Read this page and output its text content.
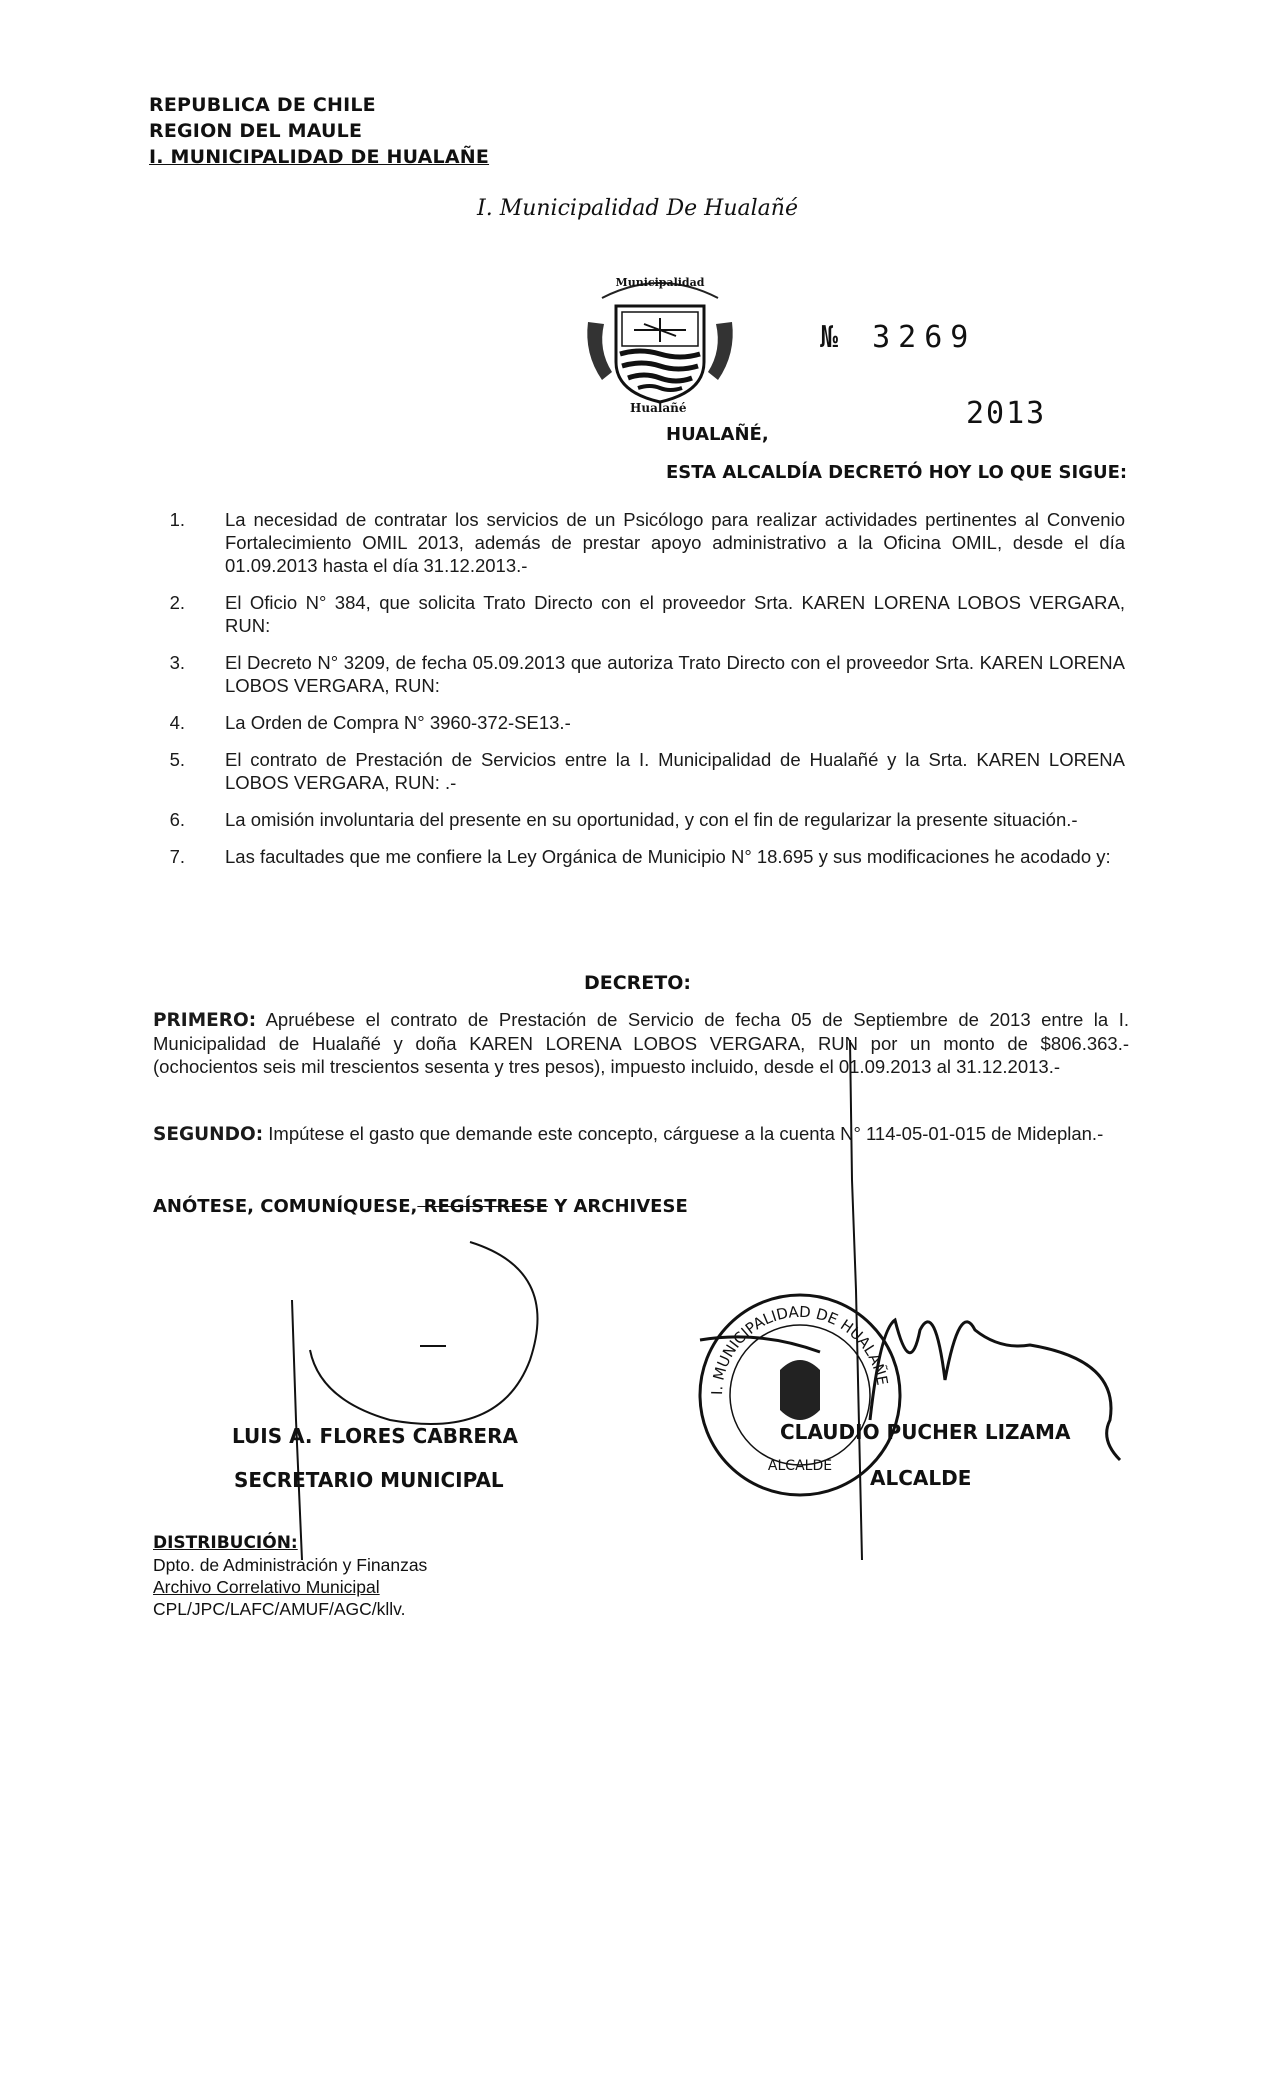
REPUBLICA DE CHILE
REGION DEL MAULE
I. MUNICIPALIDAD DE HUALAÑE
I. Municipalidad De Hualañé
Municipalidad
Hualañé
№ 3269
2013
HUALAÑÉ,
ESTA ALCALDÍA DECRETÓ HOY LO QUE SIGUE:
1 .	La necesidad de contratar los servicios de un Psicólogo para realizar actividades pertinentes al Convenio Fortalecimiento OMIL 2013, además de prestar apoyo administrativo a la Oficina OMIL, desde el día 01.09.2013 hasta el día 31.12.2013.-
2 .	El Oficio N° 384, que solicita Trato Directo con el proveedor Srta. KAREN LORENA LOBOS VERGARA, RUN:
3 .	El Decreto N° 3209, de fecha 05.09.2013 que autoriza Trato Directo con el proveedor Srta. KAREN LORENA LOBOS VERGARA, RUN:
4 .	La Orden de Compra N° 3960-372-SE13.-
5 .	El contrato de Prestación de Servicios entre la I. Municipalidad de Hualañé y la Srta. KAREN LORENA LOBOS VERGARA, RUN: .-
6 .	La omisión involuntaria del presente en su oportunidad, y con el fin de regularizar la presente situación.-
7 .	Las facultades que me confiere la Ley Orgánica de Municipio N° 18.695 y sus modificaciones he acodado y:
DECRETO:
PRIMERO: Apruébese el contrato de Prestación de Servicio de fecha 05 de Septiembre de 2013 entre la I. Municipalidad de Hualañé y doña KAREN LORENA LOBOS VERGARA, RUN por un monto de $806.363.- (ochocientos seis mil trescientos sesenta y tres pesos), impuesto incluido, desde el 01.09.2013 al 31.12.2013.-
SEGUNDO: Impútese el gasto que demande este concepto, cárguese a la cuenta N° 114-05-01-015 de Mideplan.-
ANÓTESE, COMUNÍQUESE, REGÍSTRESE Y ARCHIVESE
I. MUNICIPALIDAD DE HUALAÑE
ALCALDE
LUIS A. FLORES CABRERA
SECRETARIO MUNICIPAL
CLAUDIO PUCHER LIZAMA
ALCALDE
DISTRIBUCIÓN:
Dpto. de Administración y Finanzas
Archivo Correlativo Municipal
CPL/JPC/LAFC/AMUF/AGC/kllv.
